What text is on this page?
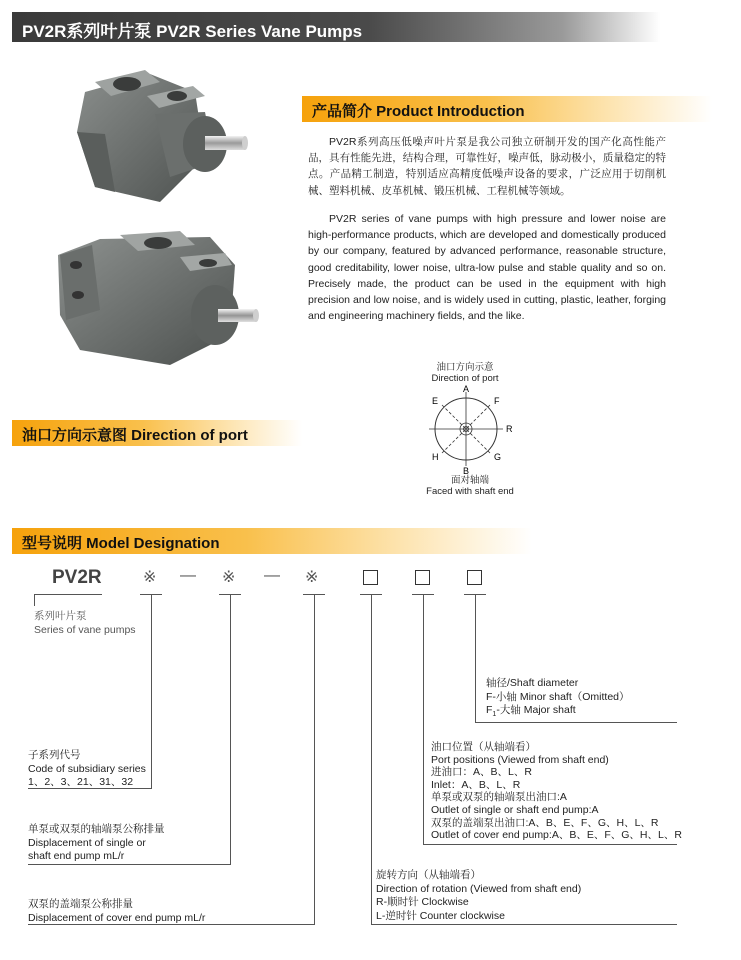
PV2R系列叶片泵 PV2R Series Vane Pumps
产品简介 Product Introduction

PV2R系列高压低噪声叶片泵是我公司独立研制开发的国产化高性能产品，具有性能先进，结构合理，可靠性好，噪声低，脉动极小，质量稳定的特点。产品精工制造，特别适应高精度低噪声设备的要求，广泛应用于切削机械、塑料机械、皮革机械、锻压机械、工程机械等领域。

PV2R series of vane pumps with high pressure and lower noise are high-performance products, which are developed and domestically produced by our company, featured by advanced performance, reasonable structure, good creditability, lower noise, ultra-low pulse and stable quality and so on. Precisely made, the product can be used in the equipment with high precision and low noise, and is widely used in cutting, plastic, leather, forging and engineering machinery fields, and the like.

油口方向示意图 Direction of port
油口方向示意
Direction of port
A
E	F
R
H	G
B
面对轴端
Faced with shaft end
型号说明 Model Designation
PV2R	※ — ※ — ※
系列叶片泵
Series of vane pumps
轴径/Shaft diameter
F-小轴 Minor shaft（Omitted）
$F_1-$大轴 Major shaft
油口位置（从轴端看）
Port positions (Viewed from shaft end)
进油口：A、B、L、R
Inlet：A、B、L、R
单泵或双泵的轴端泵出油口:A
Outlet of single or shaft end pump:A
双泵的盖端泵出油口:A、B、E、F、G、H、L、R
Outlet of cover end pump:A、B、E、F、G、H、L、R
子系列代号
Code of subsidiary series
1、2、3、21、31、32
单泵或双泵的轴端泵公称排量
Displacement of single or
shaft end pump mL/r
旋转方向（从轴端看）
Direction of rotation (Viewed from shaft end)
R-顺时针 Clockwise
L-逆时针 Counter clockwise
双泵的盖端泵公称排量
Displacement of cover end pump mL/r
